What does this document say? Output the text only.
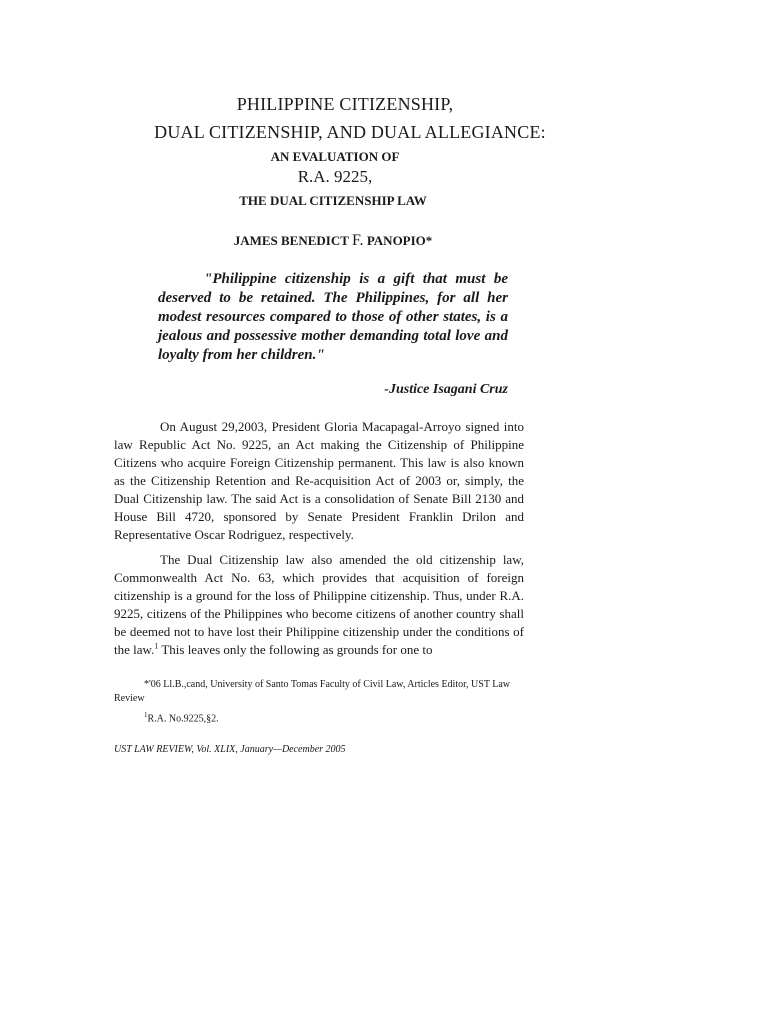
PHILIPPINE CITIZENSHIP,
DUAL CITIZENSHIP, AND DUAL ALLEGIANCE:
AN EVALUATION OF
R.A. 9225,
THE DUAL CITIZENSHIP LAW
JAMES BENEDICT F. PANOPIO*
"Philippine citizenship is a gift that must be deserved to be retained. The Philippines, for all her modest resources compared to those of other states, is a jealous and possessive mother demanding total love and loyalty from her children."
-Justice Isagani Cruz

On August 29,2003, President Gloria Macapagal-Arroyo signed into law Republic Act No. 9225, an Act making the Citizenship of Philippine Citizens who acquire Foreign Citizenship permanent. This law is also known as the Citizenship Retention and Re-acquisition Act of 2003 or, simply, the Dual Citizenship law. The said Act is a consolidation of Senate Bill 2130 and House Bill 4720, sponsored by Senate President Franklin Drilon and Representative Oscar Rodriguez, respectively.

The Dual Citizenship law also amended the old citizenship law, Commonwealth Act No. 63, which provides that acquisition of foreign citizenship is a ground for the loss of Philippine citizenship. Thus, under R.A. 9225, citizens of the Philippines who become citizens of another country shall be deemed not to have lost their Philippine citizenship under the conditions of the law.$^1$ This leaves only the following as grounds for one to

*'06 Ll.B.,cand, University of Santo Tomas Faculty of Civil Law, Articles Editor, UST Law Review

$^1$R.A. No.9225,§2.

UST LAW REVIEW, Vol. XLIX, January—December 2005
